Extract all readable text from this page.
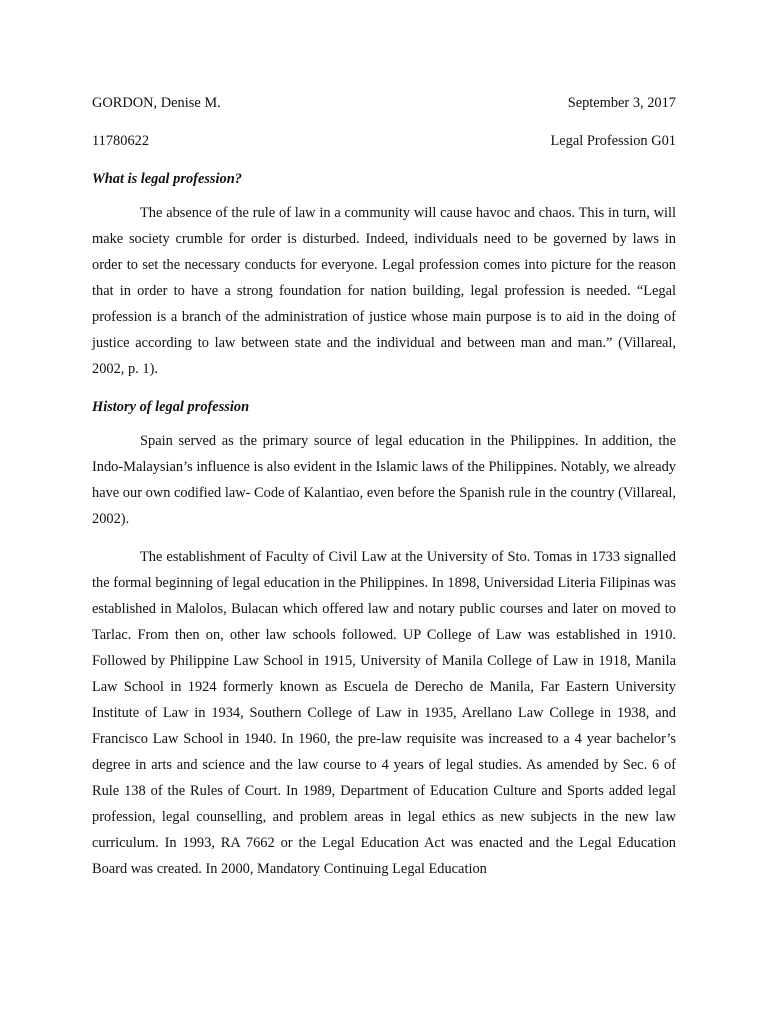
GORDON, Denise M.	September 3, 2017
11780622	Legal Profession G01
What is legal profession?

The absence of the rule of law in a community will cause havoc and chaos. This in turn, will make society crumble for order is disturbed. Indeed, individuals need to be governed by laws in order to set the necessary conducts for everyone. Legal profession comes into picture for the reason that in order to have a strong foundation for nation building, legal profession is needed. “Legal profession is a branch of the administration of justice whose main purpose is to aid in the doing of justice according to law between state and the individual and between man and man.” (Villareal, 2002, p. 1).

History of legal profession

Spain served as the primary source of legal education in the Philippines. In addition, the Indo-Malaysian’s influence is also evident in the Islamic laws of the Philippines. Notably, we already have our own codified law- Code of Kalantiao, even before the Spanish rule in the country (Villareal, 2002).

The establishment of Faculty of Civil Law at the University of Sto. Tomas in 1733 signalled the formal beginning of legal education in the Philippines. In 1898, Universidad Literia Filipinas was established in Malolos, Bulacan which offered law and notary public courses and later on moved to Tarlac. From then on, other law schools followed. UP College of Law was established in 1910. Followed by Philippine Law School in 1915, University of Manila College of Law in 1918, Manila Law School in 1924 formerly known as Escuela de Derecho de Manila, Far Eastern University Institute of Law in 1934, Southern College of Law in 1935, Arellano Law College in 1938, and Francisco Law School in 1940. In 1960, the pre-law requisite was increased to a 4 year bachelor’s degree in arts and science and the law course to 4 years of legal studies. As amended by Sec. 6 of Rule 138 of the Rules of Court. In 1989, Department of Education Culture and Sports added legal profession, legal counselling, and problem areas in legal ethics as new subjects in the new law curriculum. In 1993, RA 7662 or the Legal Education Act was enacted and the Legal Education Board was created. In 2000, Mandatory Continuing Legal Education
